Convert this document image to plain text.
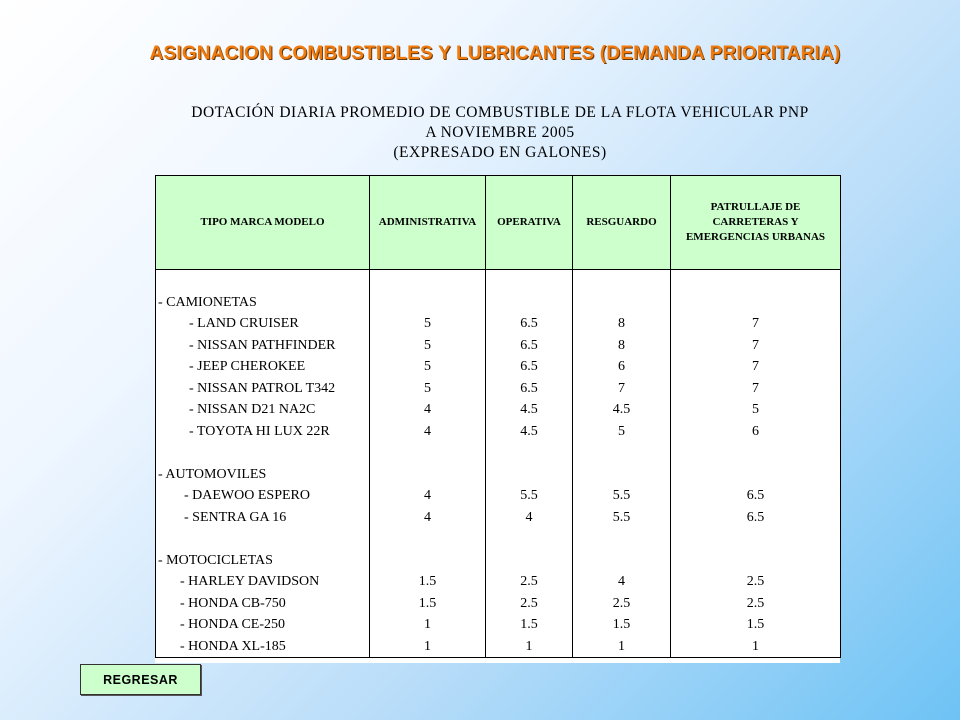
ASIGNACION COMBUSTIBLES Y LUBRICANTES (DEMANDA PRIORITARIA)
DOTACIÓN DIARIA PROMEDIO DE COMBUSTIBLE DE LA FLOTA VEHICULAR PNP
A NOVIEMBRE 2005
(EXPRESADO EN GALONES)
TIPO MARCA MODELO	ADMINISTRATIVA	OPERATIVA	RESGUARDO	PATRULLAJE DE
CARRETERAS Y
EMERGENCIAS URBANAS

- CAMIONETAS				
- LAND CRUISER	5	6.5	8	7
- NISSAN PATHFINDER	5	6.5	8	7
- JEEP CHEROKEE	5	6.5	6	7
- NISSAN PATROL T342	5	6.5	7	7
- NISSAN D21 NA2C	4	4.5	4.5	5
- TOYOTA HI LUX 22R	4	4.5	5	6

- AUTOMOVILES				
- DAEWOO ESPERO	4	5.5	5.5	6.5
- SENTRA GA 16	4	4	5.5	6.5

- MOTOCICLETAS				
- HARLEY DAVIDSON	1.5	2.5	4	2.5
- HONDA CB-750	1.5	2.5	2.5	2.5
- HONDA CE-250	1	1.5	1.5	1.5
- HONDA XL-185	1	1	1	1
REGRESAR
